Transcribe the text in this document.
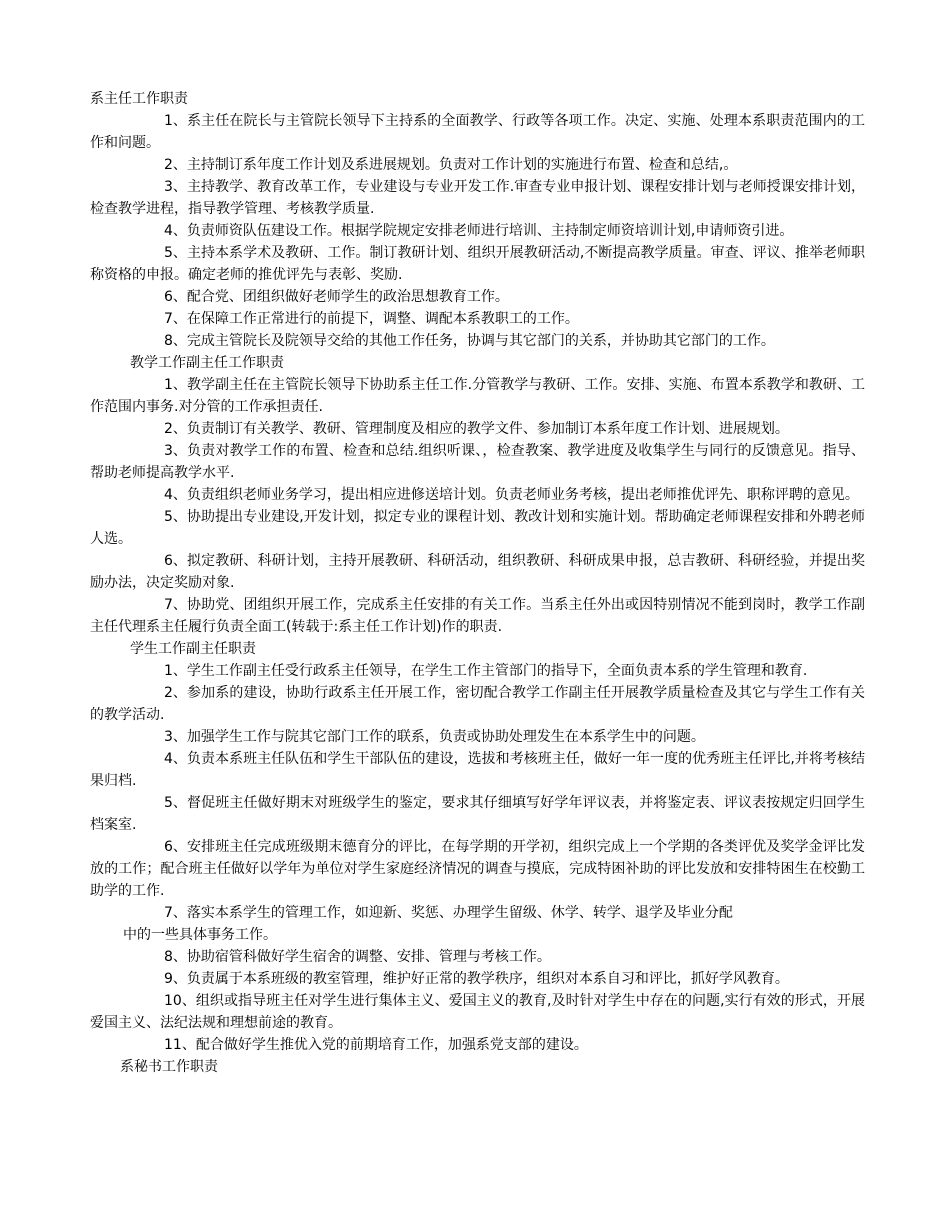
系主任工作职责
1、系主任在院长与主管院长领导下主持系的全面教学、行政等各项工作。决定、实施、处理本系职责范围内的工作和问题。
2、主持制订系年度工作计划及系进展规划。负责对工作计划的实施进行布置、检查和总结,。
3、主持教学、教育改革工作，专业建设与专业开发工作.审查专业申报计划、课程安排计划与老师授课安排计划，检查教学进程，指导教学管理、考核教学质量.
4、负责师资队伍建设工作。根据学院规定安排老师进行培训、主持制定师资培训计划,申请师资引进。
5、主持本系学术及教研、工作。制订教研计划、组织开展教研活动,不断提高教学质量。审查、评议、推举老师职称资格的申报。确定老师的推优评先与表彰、奖励.
6、配合党、团组织做好老师学生的政治思想教育工作。
7、在保障工作正常进行的前提下，调整、调配本系教职工的工作。
8、完成主管院长及院领导交给的其他工作任务，协调与其它部门的关系，并协助其它部门的工作。
教学工作副主任工作职责
1、教学副主任在主管院长领导下协助系主任工作.分管教学与教研、工作。安排、实施、布置本系教学和教研、工作范围内事务.对分管的工作承担责任.
2、负责制订有关教学、教研、管理制度及相应的教学文件、参加制订本系年度工作计划、进展规划。
3、负责对教学工作的布置、检查和总结.组织听课、，检查教案、教学进度及收集学生与同行的反馈意见。指导、帮助老师提高教学水平.
4、负责组织老师业务学习，提出相应进修送培计划。负责老师业务考核，提出老师推优评先、职称评聘的意见。
5、协助提出专业建设,开发计划，拟定专业的课程计划、教改计划和实施计划。帮助确定老师课程安排和外聘老师人选。
6、拟定教研、科研计划，主持开展教研、科研活动，组织教研、科研成果申报，总吉教研、科研经验，并提出奖励办法，决定奖励对象.
7、协助党、团组织开展工作，完成系主任安排的有关工作。当系主任外出或因特别情况不能到岗时，教学工作副主任代理系主任履行负责全面工(转载于:系主任工作计划)作的职责.
学生工作副主任职责
1、学生工作副主任受行政系主任领导，在学生工作主管部门的指导下，全面负责本系的学生管理和教育.
2、参加系的建设，协助行政系主任开展工作，密切配合教学工作副主任开展教学质量检查及其它与学生工作有关的教学活动.
3、加强学生工作与院其它部门工作的联系，负责或协助处理发生在本系学生中的问题。
4、负责本系班主任队伍和学生干部队伍的建设，选拔和考核班主任，做好一年一度的优秀班主任评比,并将考核结果归档.
5、督促班主任做好期末对班级学生的鉴定，要求其仔细填写好学年评议表，并将鉴定表、评议表按规定归回学生档案室.
6、安排班主任完成班级期末德育分的评比，在每学期的开学初，组织完成上一个学期的各类评优及奖学金评比发放的工作；配合班主任做好以学年为单位对学生家庭经济情况的调查与摸底，完成特困补助的评比发放和安排特困生在校勤工助学的工作.
7、落实本系学生的管理工作，如迎新、奖惩、办理学生留级、休学、转学、退学及毕业分配
中的一些具体事务工作。
8、协助宿管科做好学生宿舍的调整、安排、管理与考核工作。
9、负责属于本系班级的教室管理，维护好正常的教学秩序，组织对本系自习和评比，抓好学风教育。
10、组织或指导班主任对学生进行集体主义、爱国主义的教育,及时针对学生中存在的问题,实行有效的形式，开展爱国主义、法纪法规和理想前途的教育。
11、配合做好学生推优入党的前期培育工作，加强系党支部的建设。
系秘书工作职责
